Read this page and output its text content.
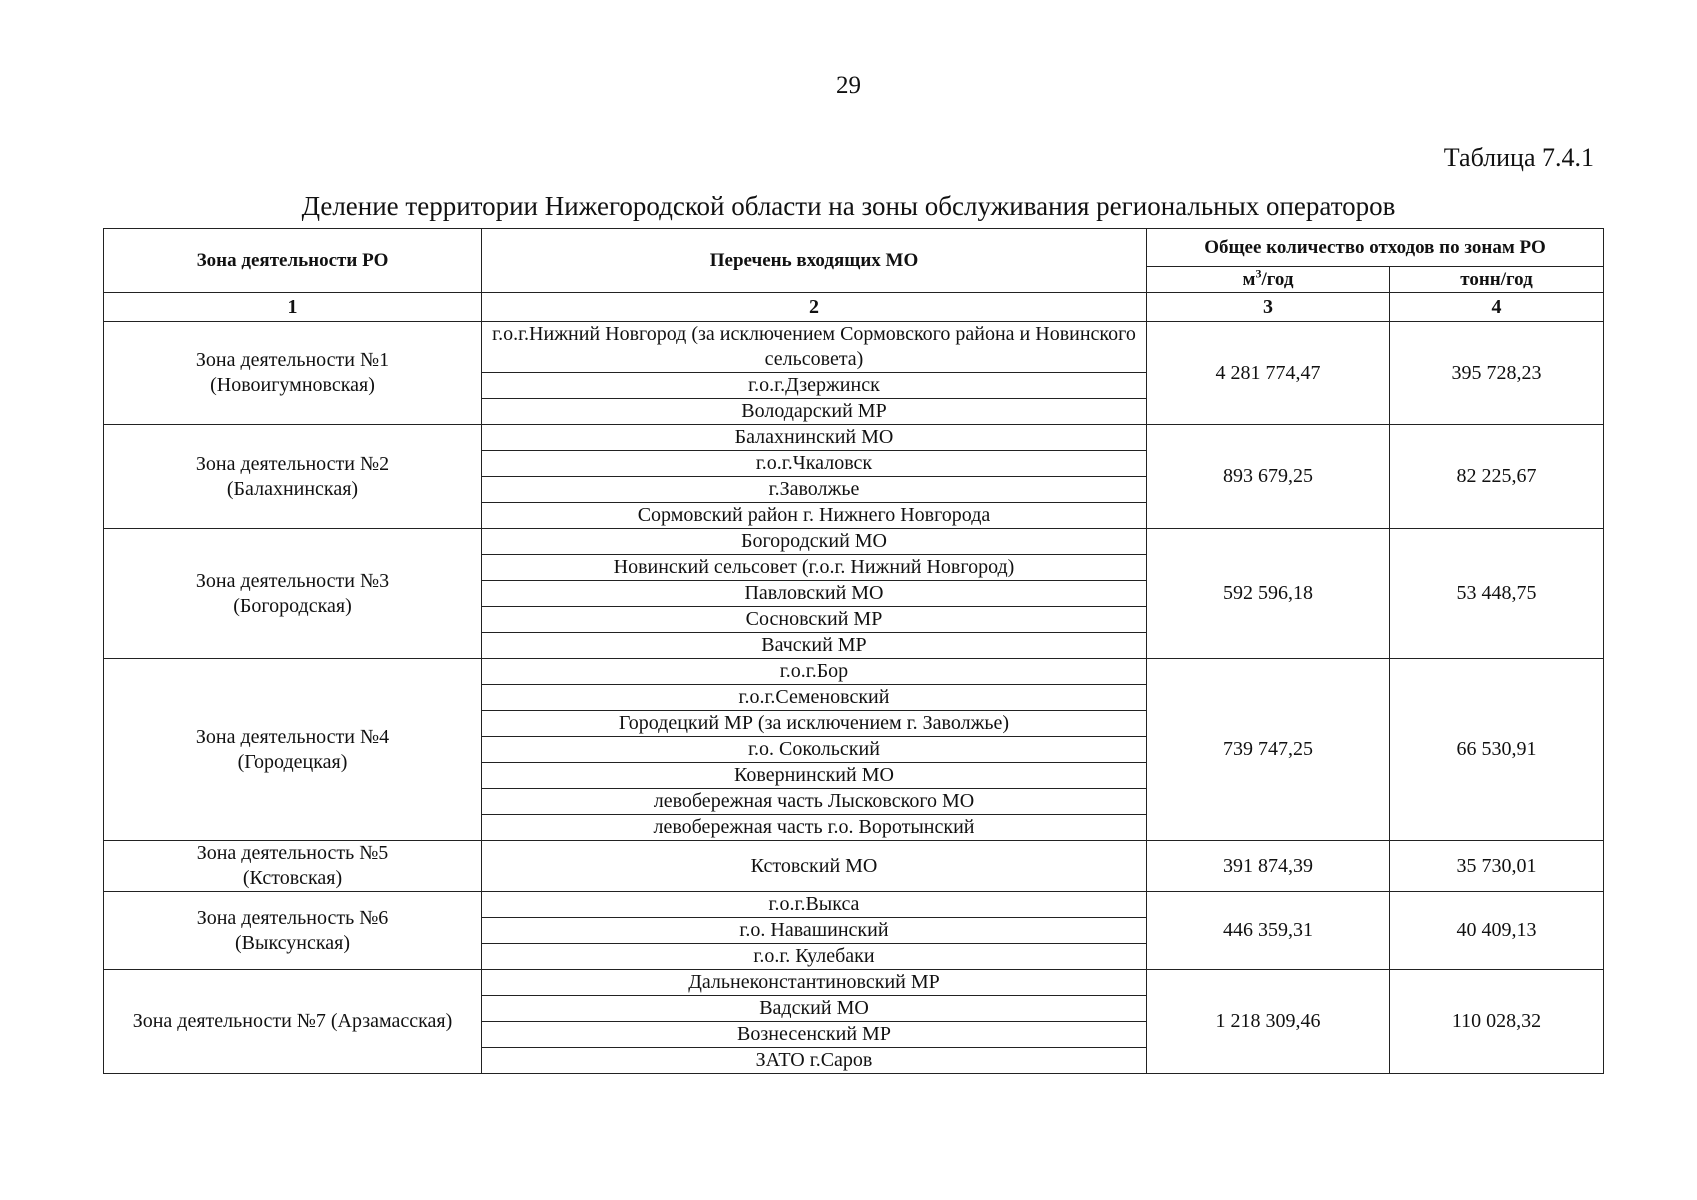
29
Таблица 7.4.1
Деление территории Нижегородской области на зоны обслуживания региональных операторов
Зона деятельности РО	Перечень входящих МО	Общее количество отходов по зонам РО	
		$м^3$/год	тонн/год
1	2	3	4

Зона деятельности №1
(Новоигумновская)	г.о.г.Нижний Новгород (за исключением Сормовского района и Новинского сельсовета)	4 281 774,47	395 728,23
	г.о.г.Дзержинск		
	Володарский МР		

Зона деятельности №2
(Балахнинская)	Балахнинский МО	893 679,25	82 225,67
	г.о.г.Чкаловск		
	г.Заволжье		
	Сормовский район г. Нижнего Новгорода		

Зона деятельности №3
(Богородская)	Богородский МО	592 596,18	53 448,75
	Новинский сельсовет (г.о.г. Нижний Новгород)		
	Павловский МО		
	Сосновский МР		
	Вачский МР		

Зона деятельности №4
(Городецкая)	г.о.г.Бор	739 747,25	66 530,91
	г.о.г.Семеновский		
	Городецкий МР (за исключением г. Заволжье)		
	г.о. Сокольский		
	Ковернинский МО		
	левобережная часть Лысковского МО		
	левобережная часть г.о. Воротынский		

Зона деятельность №5
(Кстовская)	Кстовский МО	391 874,39	35 730,01

Зона деятельность №6
(Выксунская)	г.о.г.Выкса	446 359,31	40 409,13
	г.о. Навашинский		
	г.о.г. Кулебаки		

Зона деятельности №7 (Арзамасская)	Дальнеконстантиновский МР	1 218 309,46	110 028,32
	Вадский МО		
	Вознесенский МР		
	ЗАТО г.Саров		
